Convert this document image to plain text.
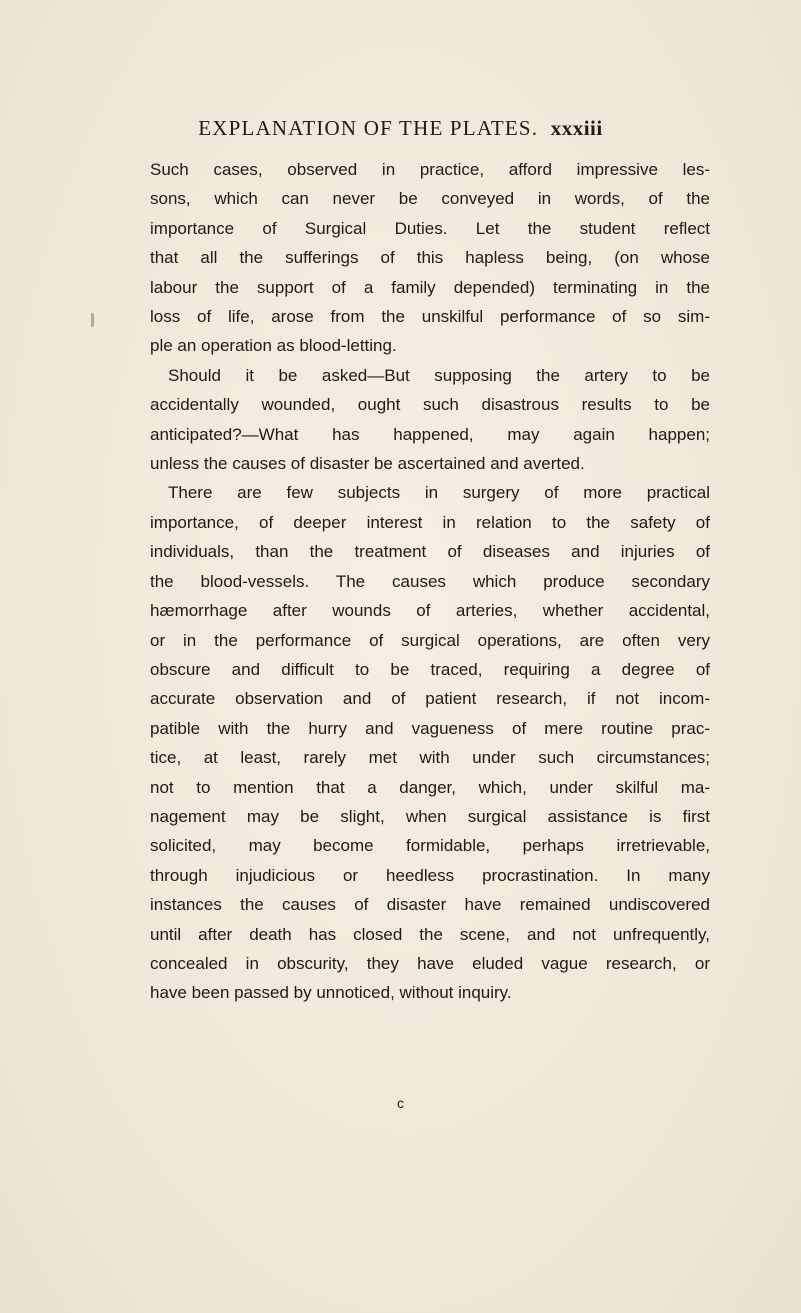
EXPLANATION OF THE PLATES. xxxiii
Such cases, observed in practice, afford impressive les-
sons, which can never be conveyed in words, of the
importance of Surgical Duties. Let the student reflect
that all the sufferings of this hapless being, (on whose
labour the support of a family depended) terminating in the
loss of life, arose from the unskilful performance of so sim-
ple an operation as blood-letting.
Should it be asked—But supposing the artery to be
accidentally wounded, ought such disastrous results to be
anticipated?—What has happened, may again happen;
unless the causes of disaster be ascertained and averted.
There are few subjects in surgery of more practical
importance, of deeper interest in relation to the safety of
individuals, than the treatment of diseases and injuries of
the blood-vessels. The causes which produce secondary
hæmorrhage after wounds of arteries, whether accidental,
or in the performance of surgical operations, are often very
obscure and difficult to be traced, requiring a degree of
accurate observation and of patient research, if not incom-
patible with the hurry and vagueness of mere routine prac-
tice, at least, rarely met with under such circumstances;
not to mention that a danger, which, under skilful ma-
nagement may be slight, when surgical assistance is first
solicited, may become formidable, perhaps irretrievable,
through injudicious or heedless procrastination. In many
instances the causes of disaster have remained undiscovered
until after death has closed the scene, and not unfrequently,
concealed in obscurity, they have eluded vague research, or
have been passed by unnoticed, without inquiry.
c
